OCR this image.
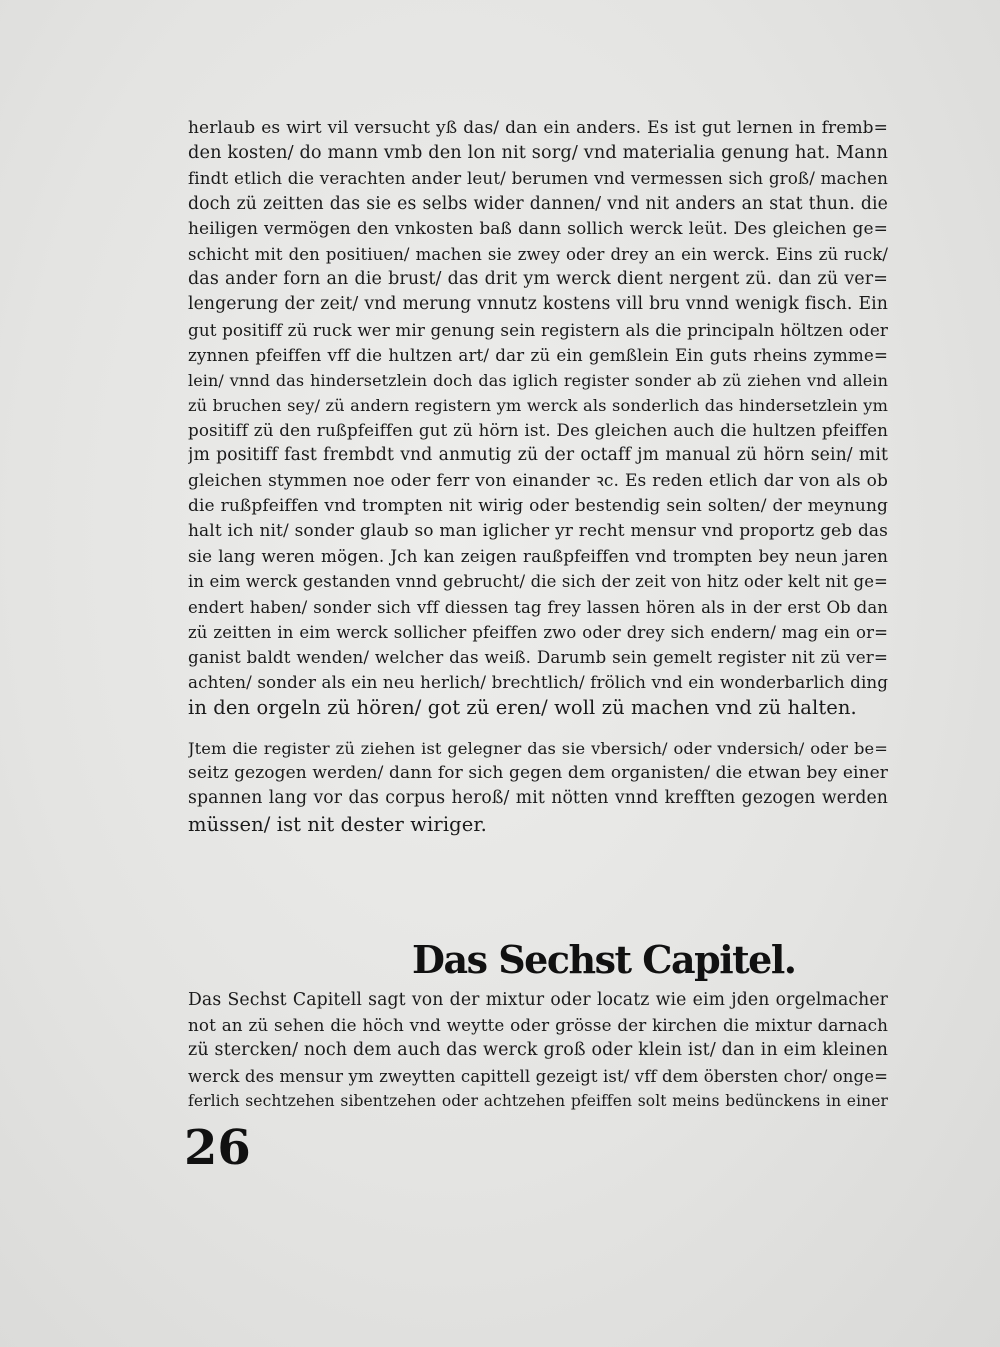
herlaub es wirt vil versucht yß das/ dan ein anders. Es ist gut lernen in fremb=
den kosten/ do mann vmb den lon nit sorg/ vnd materialia genung hat. Mann
findt etlich die verachten ander leut/ berumen vnd vermessen sich groß/ machen
doch zü zeitten das sie es selbs wider dannen/ vnd nit anders an stat thun. die
heiligen vermögen den vnkosten baß dann sollich werck leüt. Des gleichen ge=
schicht mit den positiuen/ machen sie zwey oder drey an ein werck. Eins zü ruck/
das ander forn an die brust/ das drit ym werck dient nergent zü. dan zü ver=
lengerung der zeit/ vnd merung vnnutz kostens vill bru vnnd wenigk fisch. Ein
gut positiff zü ruck wer mir genung sein registern als die principaln höltzen oder
zynnen pfeiffen vff die hultzen art/ dar zü ein gemßlein Ein guts rheins zymme=
lein/ vnnd das hindersetzlein doch das iglich register sonder ab zü ziehen vnd allein
zü bruchen sey/ zü andern registern ym werck als sonderlich das hindersetzlein ym
positiff zü den rußpfeiffen gut zü hörn ist. Des gleichen auch die hultzen pfeiffen
jm positiff fast frembdt vnd anmutig zü der octaff jm manual zü hörn sein/ mit
gleichen stymmen noe oder ferr von einander ꝛc. Es reden etlich dar von als ob
die rußpfeiffen vnd trompten nit wirig oder bestendig sein solten/ der meynung
halt ich nit/ sonder glaub so man iglicher yr recht mensur vnd proportz geb das
sie lang weren mögen. Jch kan zeigen raußpfeiffen vnd trompten bey neun jaren
in eim werck gestanden vnnd gebrucht/ die sich der zeit von hitz oder kelt nit ge=
endert haben/ sonder sich vff diessen tag frey lassen hören als in der erst Ob dan
zü zeitten in eim werck sollicher pfeiffen zwo oder drey sich endern/ mag ein or=
ganist baldt wenden/ welcher das weiß. Darumb sein gemelt register nit zü ver=
achten/ sonder als ein neu herlich/ brechtlich/ frölich vnd ein wonderbarlich ding
in den orgeln zü hören/ got zü eren/ woll zü machen vnd zü halten.
Jtem die register zü ziehen ist gelegner das sie vbersich/ oder vndersich/ oder be=
seitz gezogen werden/ dann for sich gegen dem organisten/ die etwan bey einer
spannen lang vor das corpus heroß/ mit nötten vnnd krefften gezogen werden
müssen/ ist nit dester wiriger.
Das Sechst Capitel.
Das Sechst Capitell sagt von der mixtur oder locatz wie eim jden orgelmacher
not an zü sehen die höch vnd weytte oder grösse der kirchen die mixtur darnach
zü stercken/ noch dem auch das werck groß oder klein ist/ dan in eim kleinen
werck des mensur ym zweytten capittell gezeigt ist/ vff dem öbersten chor/ onge=
ferlich sechtzehen sibentzehen oder achtzehen pfeiffen solt meins bedünckens in einer
26
